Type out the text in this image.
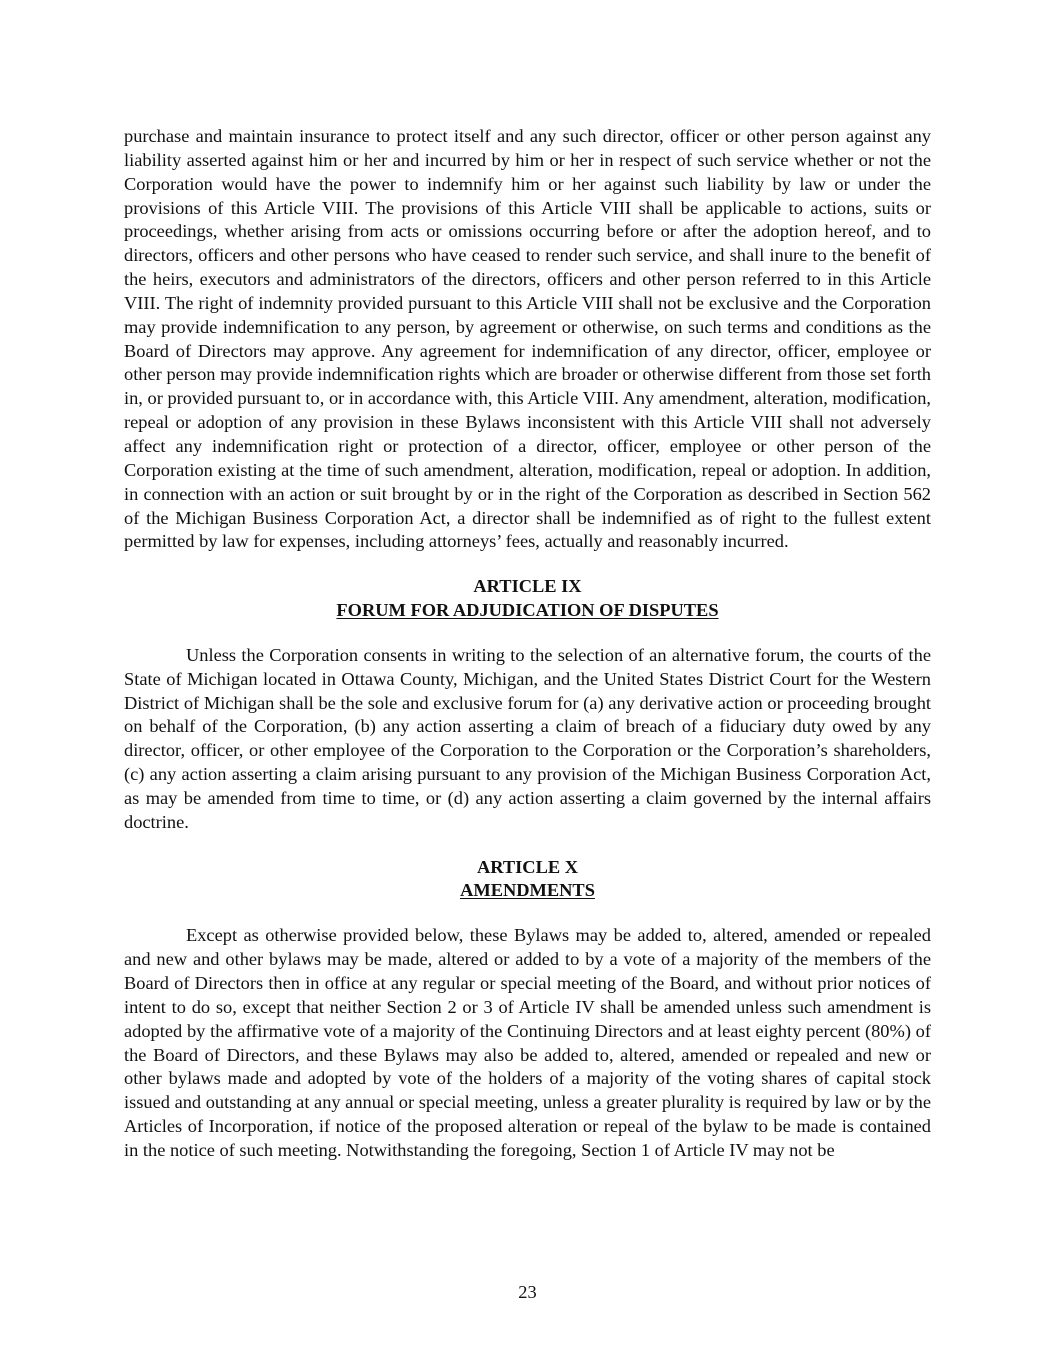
purchase and maintain insurance to protect itself and any such director, officer or other person against any liability asserted against him or her and incurred by him or her in respect of such service whether or not the Corporation would have the power to indemnify him or her against such liability by law or under the provisions of this Article VIII. The provisions of this Article VIII shall be applicable to actions, suits or proceedings, whether arising from acts or omissions occurring before or after the adoption hereof, and to directors, officers and other persons who have ceased to render such service, and shall inure to the benefit of the heirs, executors and administrators of the directors, officers and other person referred to in this Article VIII. The right of indemnity provided pursuant to this Article VIII shall not be exclusive and the Corporation may provide indemnification to any person, by agreement or otherwise, on such terms and conditions as the Board of Directors may approve. Any agreement for indemnification of any director, officer, employee or other person may provide indemnification rights which are broader or otherwise different from those set forth in, or provided pursuant to, or in accordance with, this Article VIII. Any amendment, alteration, modification, repeal or adoption of any provision in these Bylaws inconsistent with this Article VIII shall not adversely affect any indemnification right or protection of a director, officer, employee or other person of the Corporation existing at the time of such amendment, alteration, modification, repeal or adoption. In addition, in connection with an action or suit brought by or in the right of the Corporation as described in Section 562 of the Michigan Business Corporation Act, a director shall be indemnified as of right to the fullest extent permitted by law for expenses, including attorneys’ fees, actually and reasonably incurred.

ARTICLE IX
FORUM FOR ADJUDICATION OF DISPUTES

Unless the Corporation consents in writing to the selection of an alternative forum, the courts of the State of Michigan located in Ottawa County, Michigan, and the United States District Court for the Western District of Michigan shall be the sole and exclusive forum for (a) any derivative action or proceeding brought on behalf of the Corporation, (b) any action asserting a claim of breach of a fiduciary duty owed by any director, officer, or other employee of the Corporation to the Corporation or the Corporation’s shareholders, (c) any action asserting a claim arising pursuant to any provision of the Michigan Business Corporation Act, as may be amended from time to time, or (d) any action asserting a claim governed by the internal affairs doctrine.

ARTICLE X
AMENDMENTS

Except as otherwise provided below, these Bylaws may be added to, altered, amended or repealed and new and other bylaws may be made, altered or added to by a vote of a majority of the members of the Board of Directors then in office at any regular or special meeting of the Board, and without prior notices of intent to do so, except that neither Section 2 or 3 of Article IV shall be amended unless such amendment is adopted by the affirmative vote of a majority of the Continuing Directors and at least eighty percent (80%) of the Board of Directors, and these Bylaws may also be added to, altered, amended or repealed and new or other bylaws made and adopted by vote of the holders of a majority of the voting shares of capital stock issued and outstanding at any annual or special meeting, unless a greater plurality is required by law or by the Articles of Incorporation, if notice of the proposed alteration or repeal of the bylaw to be made is contained in the notice of such meeting. Notwithstanding the foregoing, Section 1 of Article IV may not be

23
